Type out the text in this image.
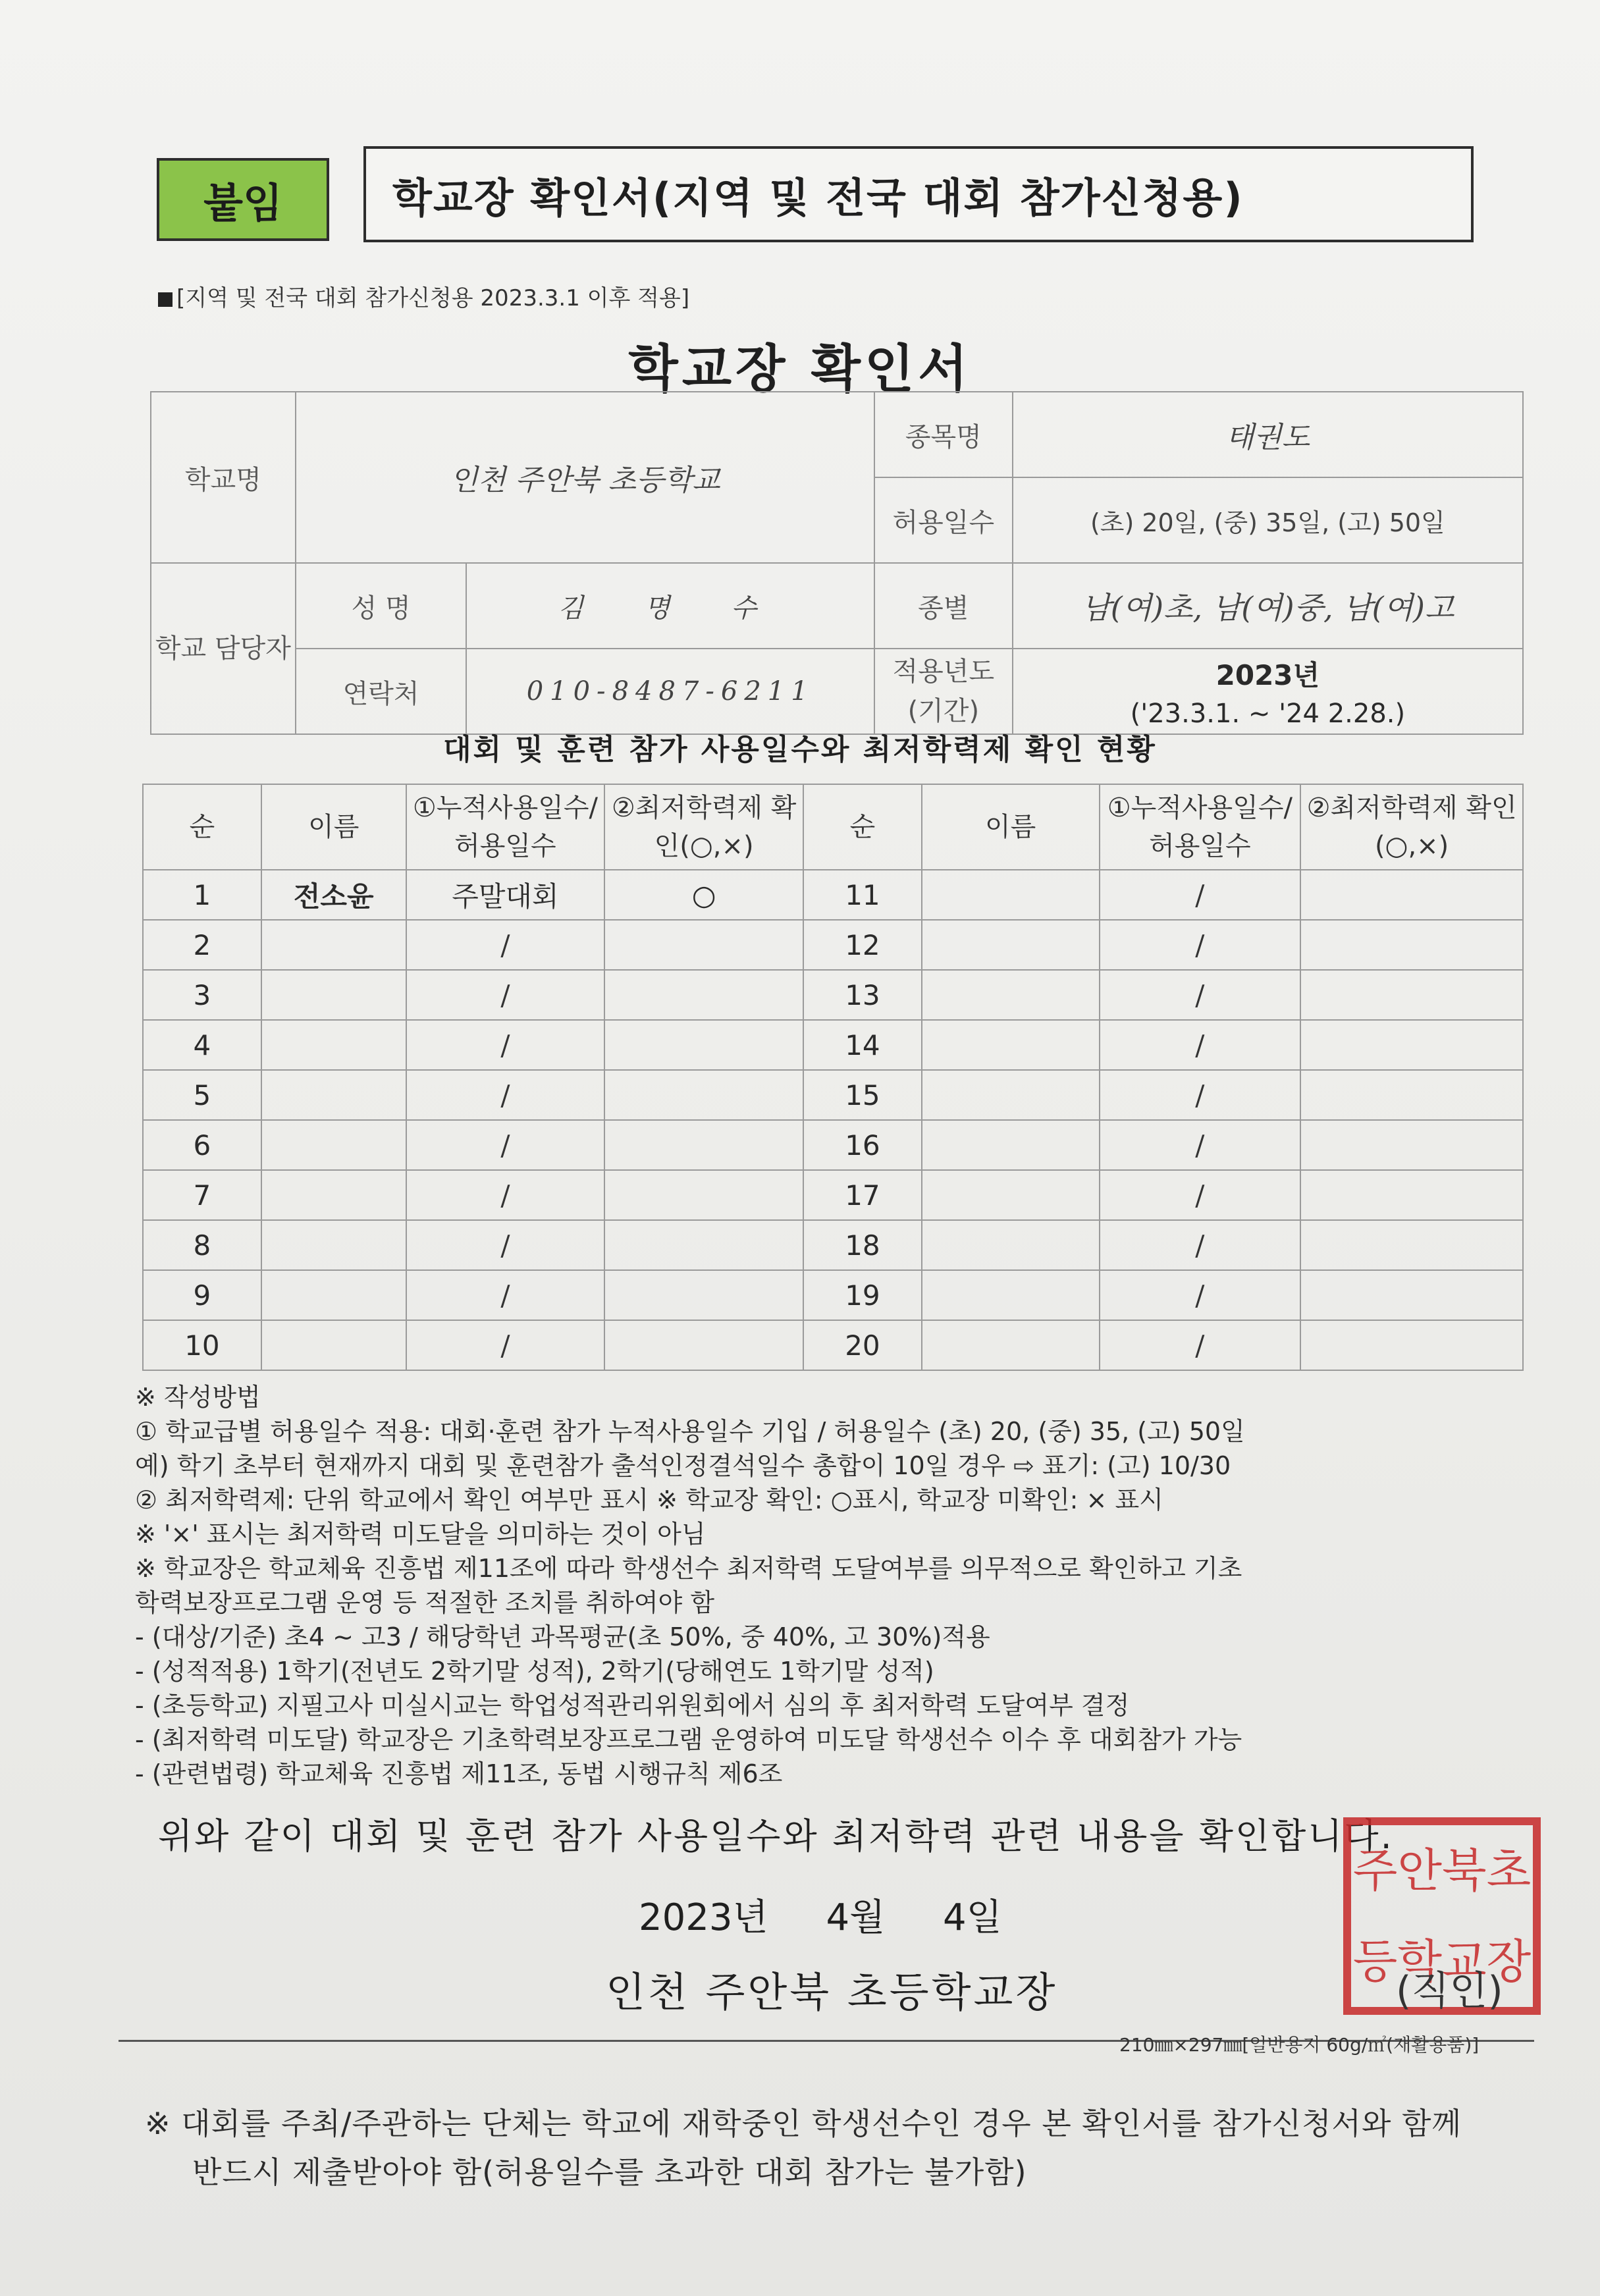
붙임	학교장 확인서(지역 및 전국 대회 참가신청용)
[지역 및 전국 대회 참가신청용 2023.3.1 이후 적용]
학교장 확인서
학교명	인천 주안북 초등학교		종목명	태권도
			허용일수	(초) 20일, (중) 35일, (고) 50일
학교 담당자	성 명	김 명 수	종별	남(여)초, 남(여)중, 남(여)고
	연락처	010-8487-6211	적용년도 (기간)	2023년
('23.3.1. ~ '24 2.28.)
대회 및 훈련 참가 사용일수와 최저학력제 확인 현황
순	이름	①누적사용일수/허용일수	②최저학력제 확인(○,×)	순	이름	①누적사용일수/허용일수	②최저학력제 확인(○,×)
1	전소윤	주말대회	○	11		/	
2		/		12		/	
3		/		13		/	
4		/		14		/	
5		/		15		/	
6		/		16		/	
7		/		17		/	
8		/		18		/	
9		/		19		/	
10		/		20		/	
※ 작성방법
① 학교급별 허용일수 적용: 대회·훈련 참가 누적사용일수 기입 / 허용일수 (초) 20, (중) 35, (고) 50일
예) 학기 초부터 현재까지 대회 및 훈련참가 출석인정결석일수 총합이 10일 경우 ⇨ 표기: (고) 10/30
② 최저학력제: 단위 학교에서 확인 여부만 표시 ※ 학교장 확인: ○표시, 학교장 미확인: × 표시
※ '×' 표시는 최저학력 미도달을 의미하는 것이 아님
※ 학교장은 학교체육 진흥법 제11조에 따라 학생선수 최저학력 도달여부를 의무적으로 확인하고 기초
학력보장프로그램 운영 등 적절한 조치를 취하여야 함
- (대상/기준) 초4 ~ 고3 / 해당학년 과목평균(초 50%, 중 40%, 고 30%)적용
- (성적적용) 1학기(전년도 2학기말 성적), 2학기(당해연도 1학기말 성적)
- (초등학교) 지필고사 미실시교는 학업성적관리위원회에서 심의 후 최저학력 도달여부 결정
- (최저학력 미도달) 학교장은 기초학력보장프로그램 운영하여 미도달 학생선수 이수 후 대회참가 가능
- (관련법령) 학교체육 진흥법 제11조, 동법 시행규칙 제6조
위와 같이 대회 및 훈련 참가 사용일수와 최저학력 관련 내용을 확인합니다.
2023년 4월 4일
인천 주안북 초등학교장
주안 북초
등학 교장
(직인)
210㎜×297㎜[일반용지 60g/㎡(재활용품)]
※ 대회를 주최/주관하는 단체는 학교에 재학중인 학생선수인 경우 본 확인서를 참가신청서와 함께
반드시 제출받아야 함(허용일수를 초과한 대회 참가는 불가함)
